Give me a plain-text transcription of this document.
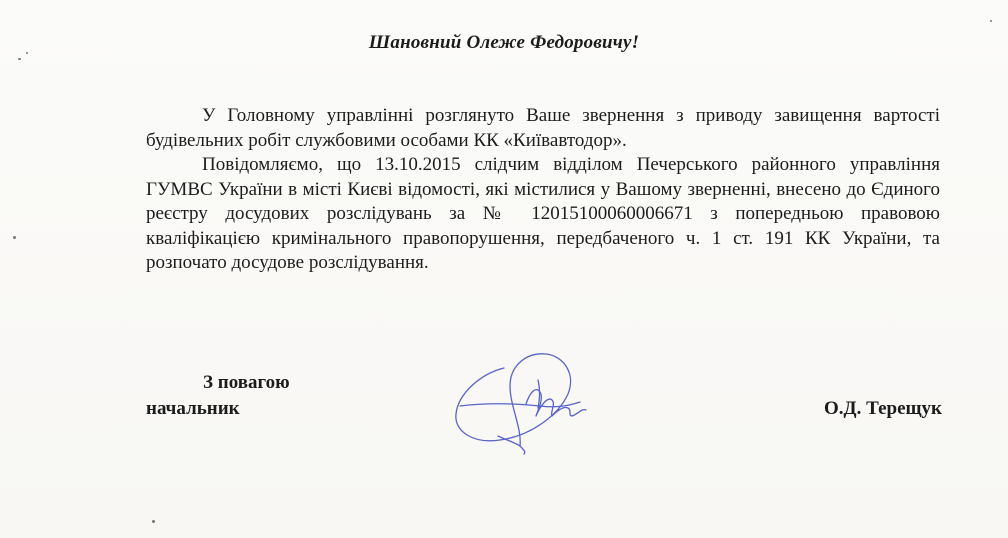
Шановний Олеже Федоровичу!

У Головному управлінні розглянуто Ваше звернення з приводу завищення вартості будівельних робіт службовими особами КК «Київавтодор».

Повідомляємо, що 13.10.2015 слідчим відділом Печерського районного управління ГУМВС України в місті Києві відомості, які містилися у Вашому зверненні, внесено до Єдиного реєстру досудових розслідувань за № 12015100060006671 з попередньою правовою кваліфікацією кримінального правопорушення, передбаченого ч. 1 ст. 191 КК України, та розпочато досудове розслідування.

З повагою
начальник	О.Д. Терещук
